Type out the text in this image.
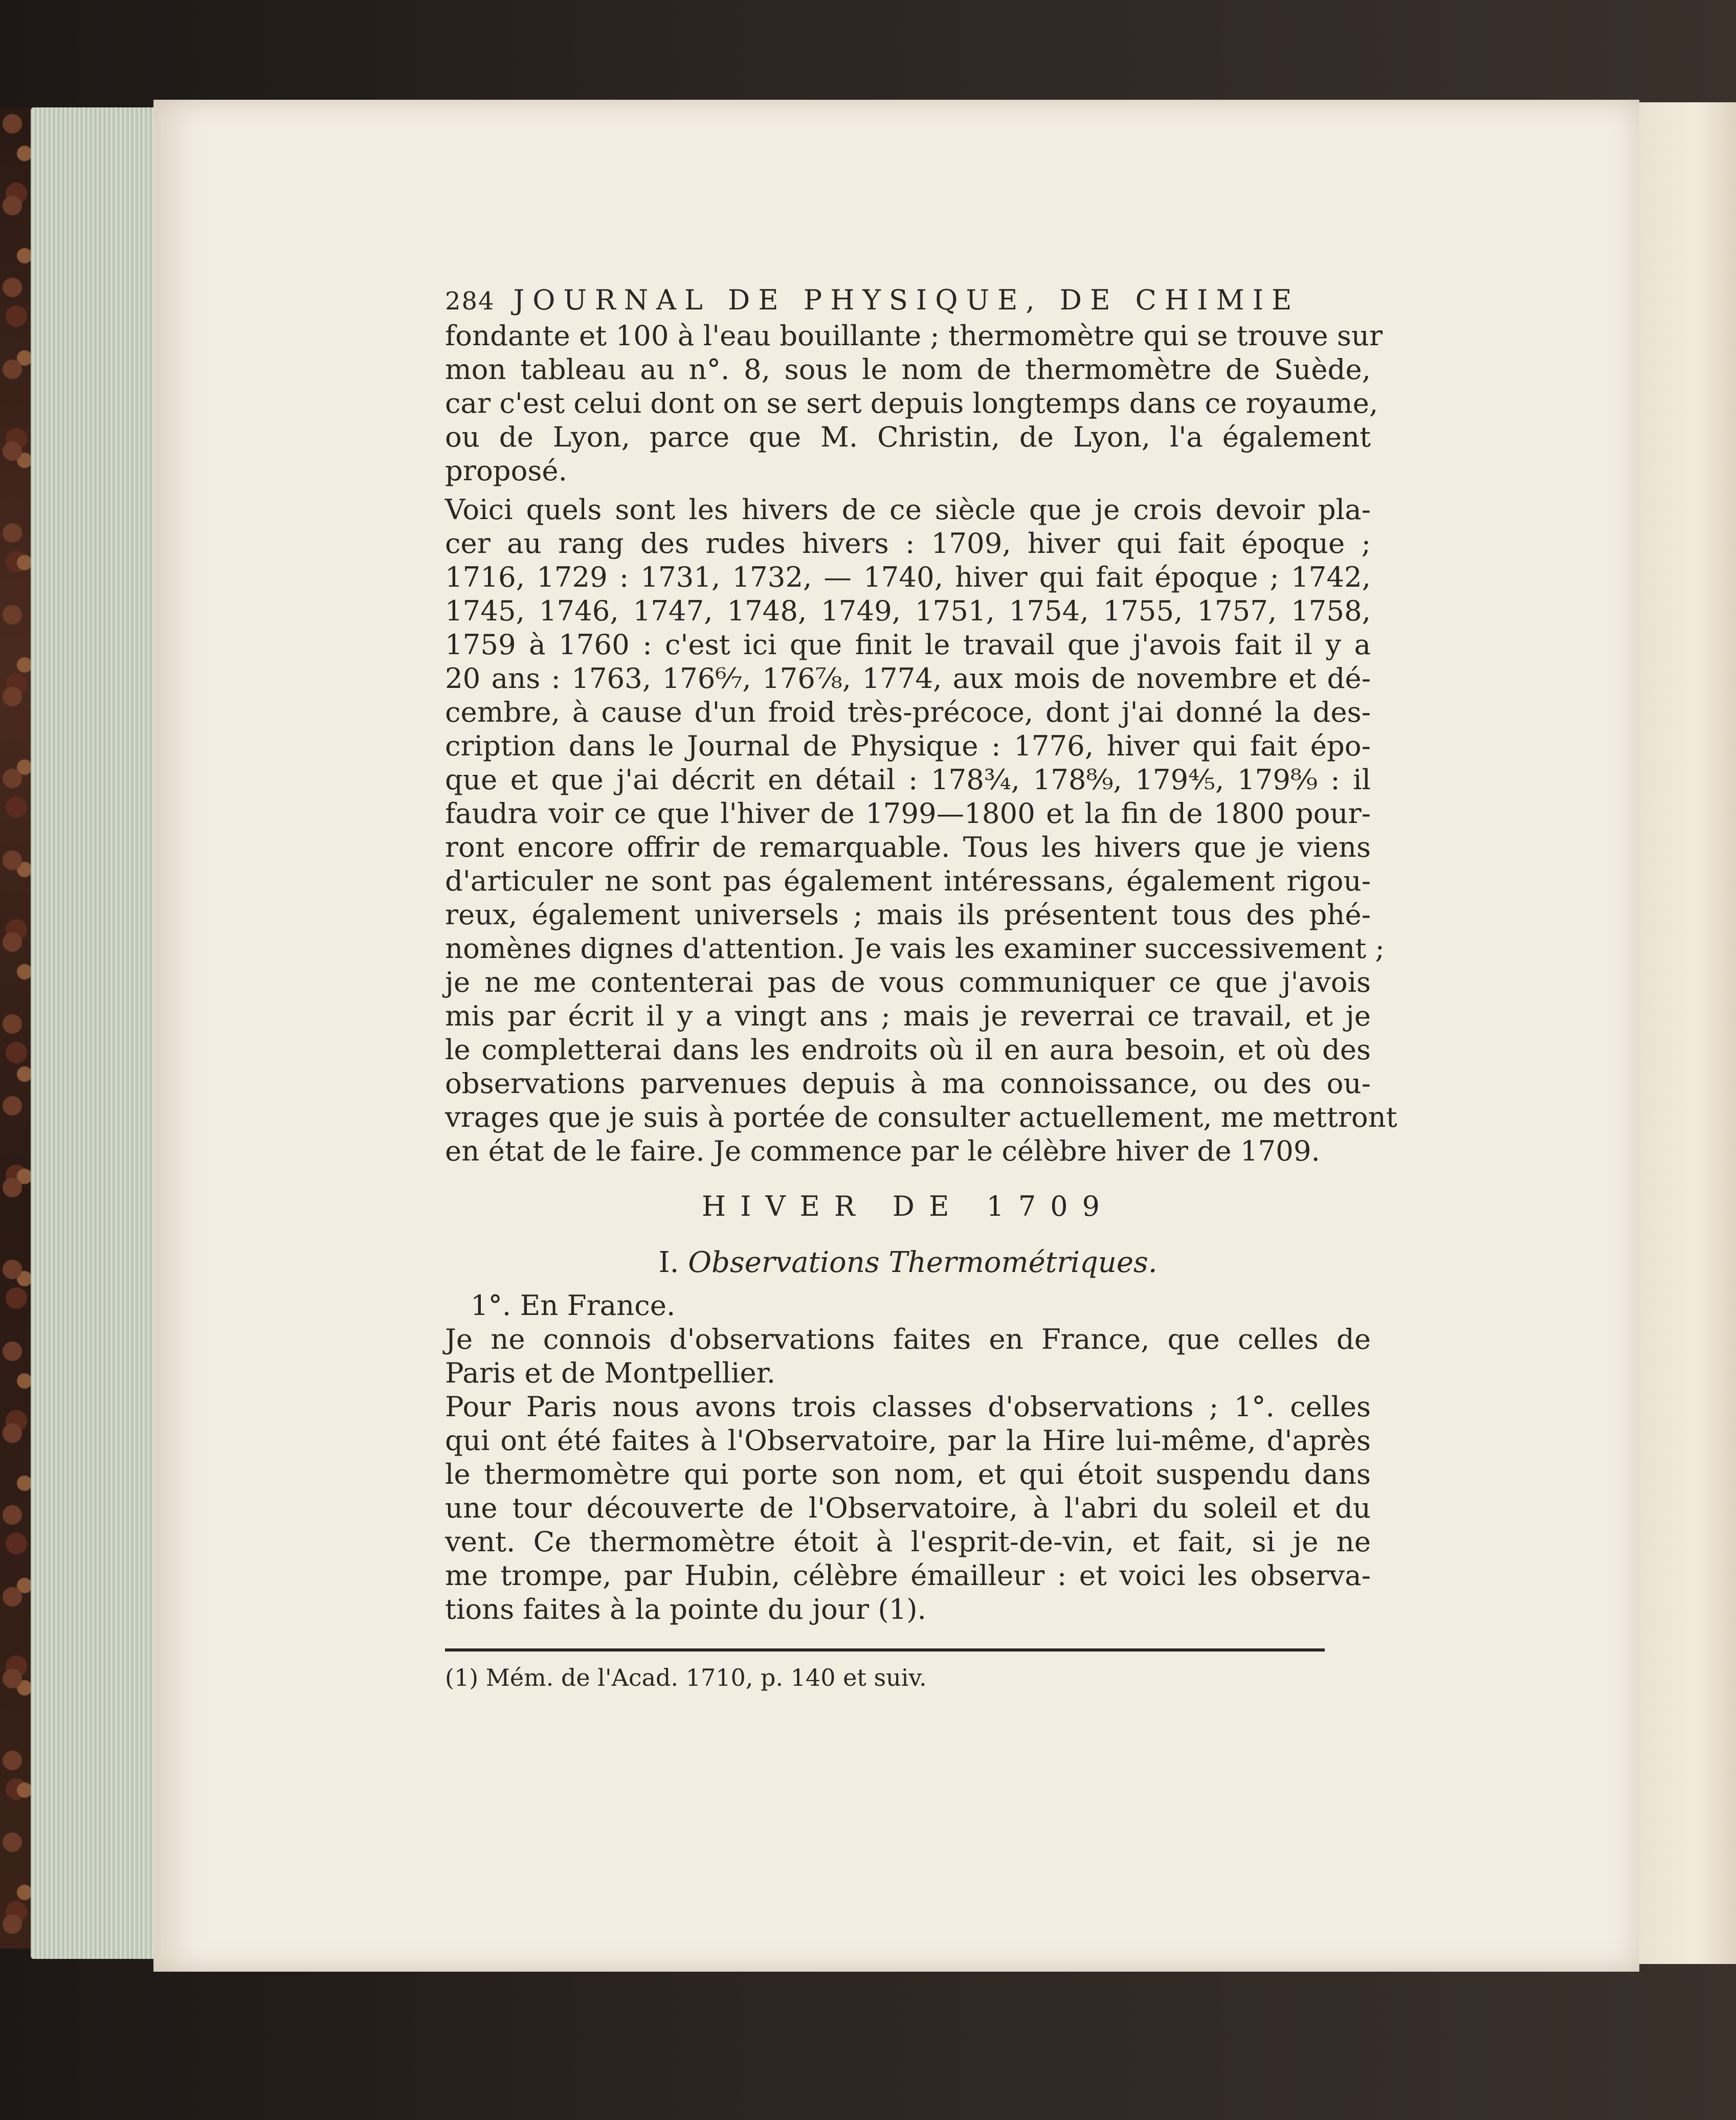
284 JOURNAL DE PHYSIQUE, DE CHIMIE
fondante et 100 à l'eau bouillante ; thermomètre qui se trouve sur
mon tableau au n°. 8, sous le nom de thermomètre de Suède,
car c'est celui dont on se sert depuis longtemps dans ce royaume,
ou de Lyon, parce que M. Christin, de Lyon, l'a également
proposé.
Voici quels sont les hivers de ce siècle que je crois devoir pla-
cer au rang des rudes hivers : 1709, hiver qui fait époque ;
1716, 1729 : 1731, 1732, — 1740, hiver qui fait époque ; 1742,
1745, 1746, 1747, 1748, 1749, 1751, 1754, 1755, 1757, 1758,
1759 à 1760 : c'est ici que finit le travail que j'avois fait il y a
20 ans : 1763, 176⁶⁄₇, 176⁷⁄₈, 1774, aux mois de novembre et dé-
cembre, à cause d'un froid très-précoce, dont j'ai donné la des-
cription dans le Journal de Physique : 1776, hiver qui fait épo-
que et que j'ai décrit en détail : 178³⁄₄, 178⁸⁄₉, 179⁴⁄₅, 179⁸⁄₉ : il
faudra voir ce que l'hiver de 1799—1800 et la fin de 1800 pour-
ront encore offrir de remarquable. Tous les hivers que je viens
d'articuler ne sont pas également intéressans, également rigou-
reux, également universels ; mais ils présentent tous des phé-
nomènes dignes d'attention. Je vais les examiner successivement ;
je ne me contenterai pas de vous communiquer ce que j'avois
mis par écrit il y a vingt ans ; mais je reverrai ce travail, et je
le completterai dans les endroits où il en aura besoin, et où des
observations parvenues depuis à ma connoissance, ou des ou-
vrages que je suis à portée de consulter actuellement, me mettront
en état de le faire. Je commence par le célèbre hiver de 1709.
HIVER DE 1709
I. Observations Thermométriques.
1°. En France.
Je ne connois d'observations faites en France, que celles de
Paris et de Montpellier.
Pour Paris nous avons trois classes d'observations ; 1°. celles
qui ont été faites à l'Observatoire, par la Hire lui-même, d'après
le thermomètre qui porte son nom, et qui étoit suspendu dans
une tour découverte de l'Observatoire, à l'abri du soleil et du
vent. Ce thermomètre étoit à l'esprit-de-vin, et fait, si je ne
me trompe, par Hubin, célèbre émailleur : et voici les observa-
tions faites à la pointe du jour (1).
(1) Mém. de l'Acad. 1710, p. 140 et suiv.
